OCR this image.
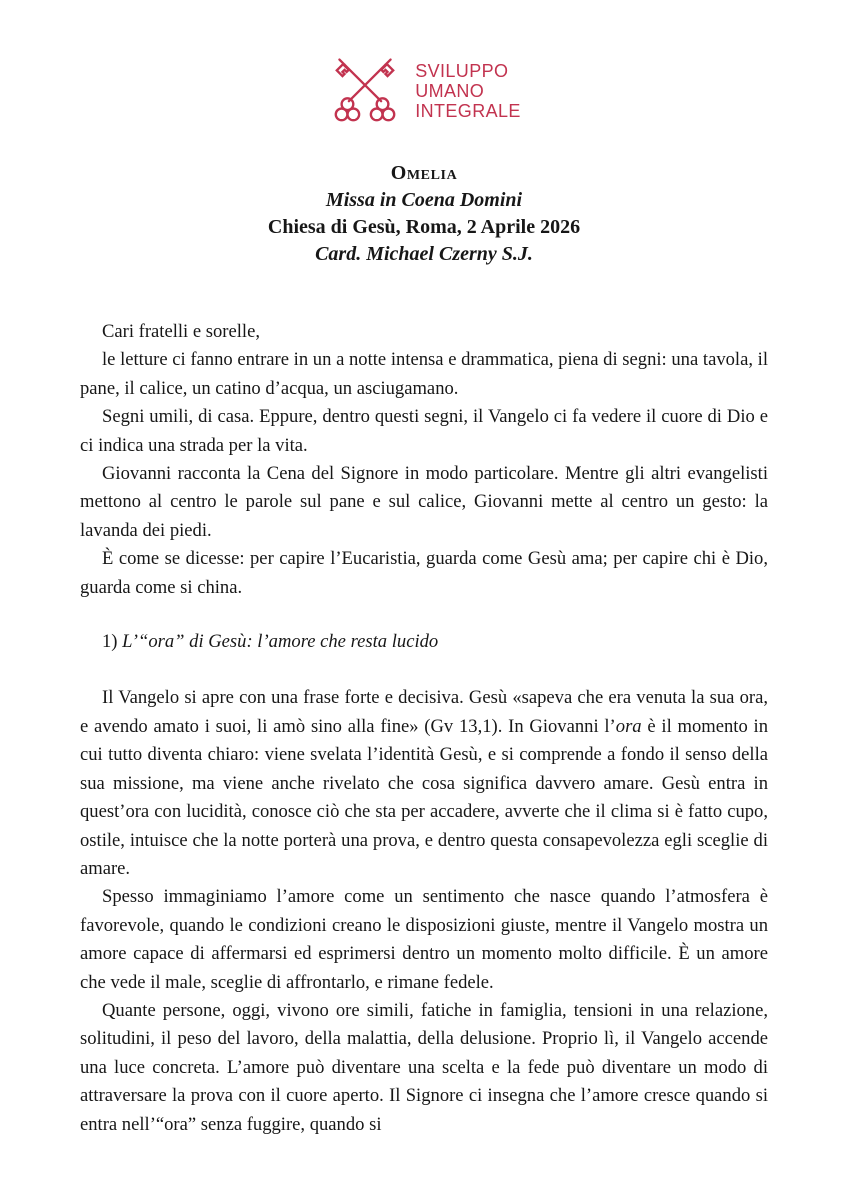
SVILUPPO
UMANO
INTEGRALE
Omelia
Missa in Coena Domini
Chiesa di Gesù, Roma, 2 Aprile 2026
Card. Michael Czerny S.J.

Cari fratelli e sorelle,

le letture ci fanno entrare in un a notte intensa e drammatica, piena di segni: una tavola, il pane, il calice, un catino d’acqua, un asciugamano.

Segni umili, di casa. Eppure, dentro questi segni, il Vangelo ci fa vedere il cuore di Dio e ci indica una strada per la vita.

Giovanni racconta la Cena del Signore in modo particolare. Mentre gli altri evangelisti mettono al centro le parole sul pane e sul calice, Giovanni mette al centro un gesto: la lavanda dei piedi.

È come se dicesse: per capire l’Eucaristia, guarda come Gesù ama; per capire chi è Dio, guarda come si china.

1) L’“ora” di Gesù: l’amore che resta lucido

Il Vangelo si apre con una frase forte e decisiva. Gesù «sapeva che era venuta la sua ora, e avendo amato i suoi, li amò sino alla fine» (Gv 13,1). In Giovanni l’ora è il momento in cui tutto diventa chiaro: viene svelata l’identità Gesù, e si comprende a fondo il senso della sua missione, ma viene anche rivelato che cosa significa davvero amare. Gesù entra in quest’ora con lucidità, conosce ciò che sta per accadere, avverte che il clima si è fatto cupo, ostile, intuisce che la notte porterà una prova, e dentro questa consapevolezza egli sceglie di amare.

Spesso immaginiamo l’amore come un sentimento che nasce quando l’atmosfera è favorevole, quando le condizioni creano le disposizioni giuste, mentre il Vangelo mostra un amore capace di affermarsi ed esprimersi dentro un momento molto difficile. È un amore che vede il male, sceglie di affrontarlo, e rimane fedele.

Quante persone, oggi, vivono ore simili, fatiche in famiglia, tensioni in una relazione, solitudini, il peso del lavoro, della malattia, della delusione. Proprio lì, il Vangelo accende una luce concreta. L’amore può diventare una scelta e la fede può diventare un modo di attraversare la prova con il cuore aperto. Il Signore ci insegna che l’amore cresce quando si entra nell’“ora” senza fuggire, quando si
